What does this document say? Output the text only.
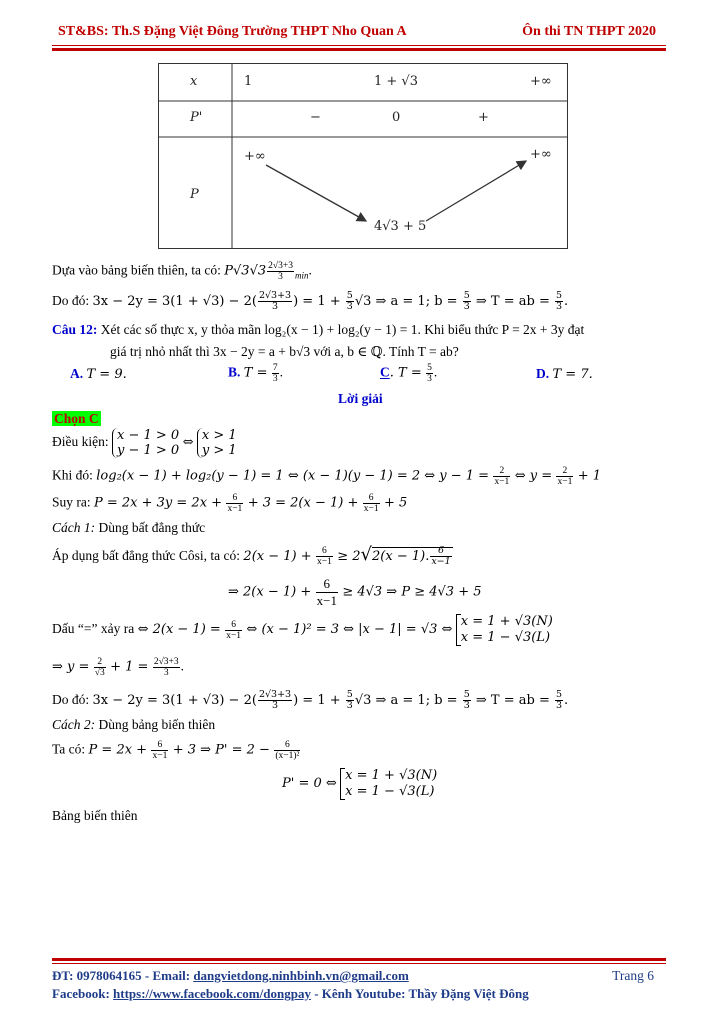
ST&BS: Th.S Đặng Việt Đông Trường THPT Nho Quan A	Ôn thi TN THPT 2020
x	1	1 + √3	+∞
P'	−	0	+
P
+∞	+∞
4√3 + 5
Dựa vào bảng biến thiên, ta có: $P√3√3 \frac{2√3+3}{3} _{min}$.
Do đó: $3x - 2y = 3(1 + √3) - 2( \frac{2√3+3}{3}$ ) = $1 + \frac{5}{3} √3$ ⇒ a = 1; $b = \frac{5}{3}$ ⇒ T = ab = $\frac{5}{3}$ .
Câu 12: Xét các số thực x, y thỏa mãn log₂(x − 1) + log₂(y − 1) = 1. Khi biểu thức P = 2x + 3y đạt
giá trị nhỏ nhất thì 3x − 2y = a + b√3 với a, b ∈ ℚ. Tính T = ab?
A. T = 9.	B. $T = \frac{7}{3}$ .	C. $T = \frac{5}{3}$ .	D. T = 7.
Lời giải
Chọn C
Điều kiện: x − 1 > 0
y − 1 > 0 ⇔ x > 1
y > 1
Khi đó: log₂(x − 1) + log₂(y − 1) = 1 ⇔ (x − 1)(y − 1) = 2 ⇔ $y - 1 = \frac{2}{x-1}$ ⇔ $y = \frac{2}{x-1} + 1$
Suy ra: $P = 2x + 3y = 2x + \frac{6}{x-1} + 3 = 2(x - 1) + \frac{6}{x-1} + 5$
Cách 1: Dùng bất đẳng thức
Áp dụng bất đẳng thức Côsi, ta có: $2(x - 1) + \frac{6}{x-1} \ge 2√2(x - 1)$. $\frac{6}{x-1}$
⇒ $2(x - 1) + \frac{6}{x-1} \ge 4√3$ ⇒ P ≥ 4√3 + 5
Dấu “=” xảy ra ⇔ $2(x - 1) = \frac{6}{x-1}$ ⇔ (x − 1)² = 3 ⇔ |x − 1| = √3 ⇔ x = 1 + √3(N)
x = 1 − √3(L)
⇒ $y = \frac{2}{√3} + 1 = \frac{2√3+3}{3}$ .
Do đó: $3x - 2y = 3(1 + √3) - 2( \frac{2√3+3}{3}$ ) = $1 + \frac{5}{3} √3$ ⇒ a = 1; $b = \frac{5}{3}$ ⇒ T = ab = $\frac{5}{3}$ .
Cách 2: Dùng bảng biến thiên
Ta có: $P = 2x + \frac{6}{x-1} + 3$ ⇒ $P' = 2 - \frac{6}{\text{(x−1)²}}$
P' = 0 ⇔ x = 1 + √3(N)
x = 1 − √3(L)
Bảng biến thiên
ĐT: 0978064165 - Email: dangvietdong.ninhbinh.vn@gmail.com	Trang 6
Facebook: https://www.facebook.com/dongpay - Kênh Youtube: Thầy Đặng Việt Đông
